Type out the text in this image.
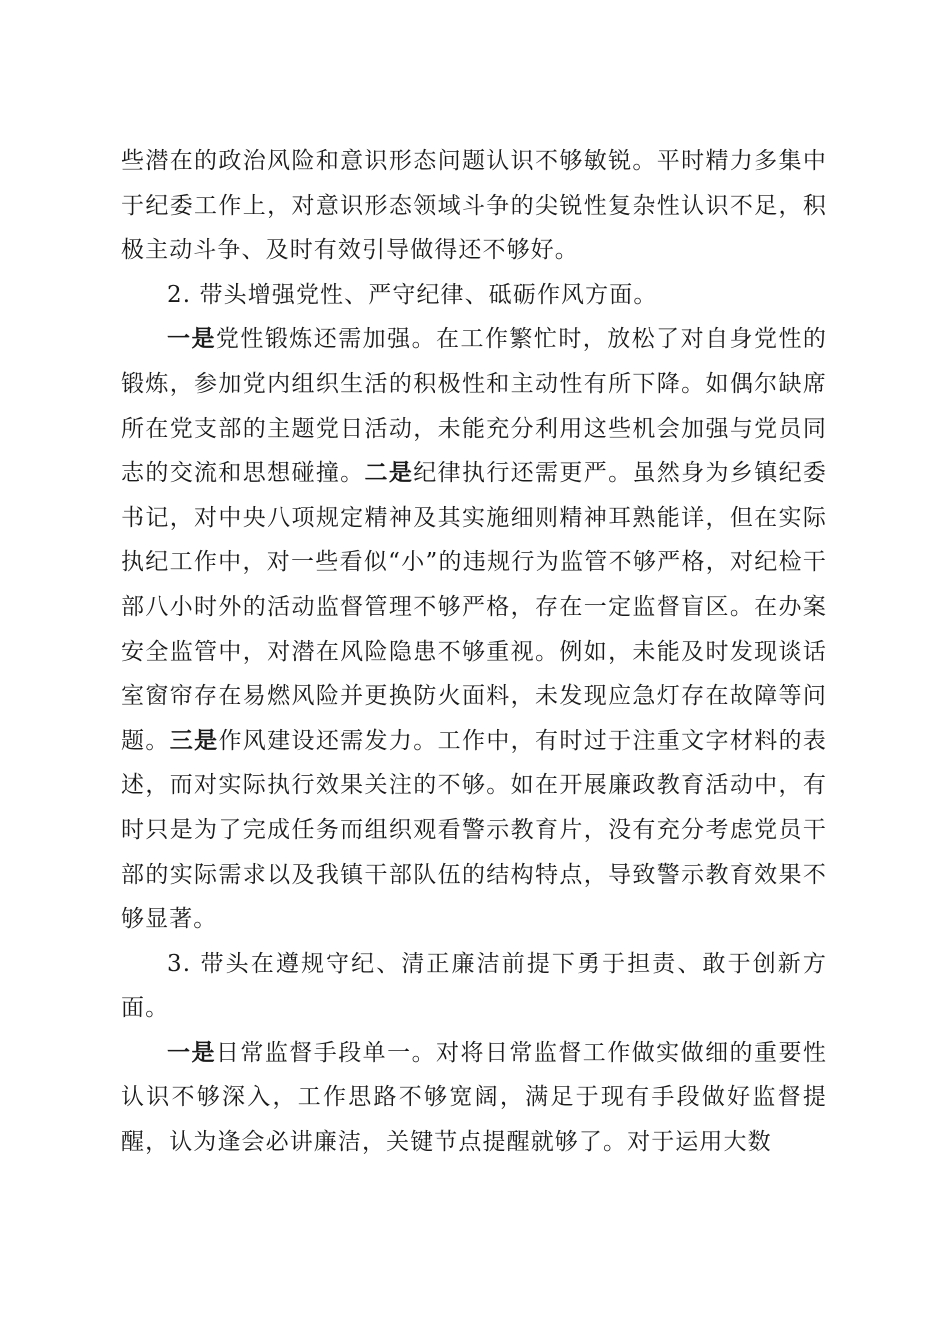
些潜在的政治风险和意识形态问题认识不够敏锐。平时精力多集中于纪委工作上，对意识形态领域斗争的尖锐性复杂性认识不足，积极主动斗争、及时有效引导做得还不够好。

2. 带头增强党性、严守纪律、砥砺作风方面。

一是党性锻炼还需加强。在工作繁忙时，放松了对自身党性的锻炼，参加党内组织生活的积极性和主动性有所下降。如偶尔缺席所在党支部的主题党日活动，未能充分利用这些机会加强与党员同志的交流和思想碰撞。二是纪律执行还需更严。虽然身为乡镇纪委书记，对中央八项规定精神及其实施细则精神耳熟能详，但在实际执纪工作中，对一些看似“小”的违规行为监管不够严格，对纪检干部八小时外的活动监督管理不够严格，存在一定监督盲区。在办案安全监管中，对潜在风险隐患不够重视。例如，未能及时发现谈话室窗帘存在易燃风险并更换防火面料，未发现应急灯存在故障等问题。三是作风建设还需发力。工作中，有时过于注重文字材料的表述，而对实际执行效果关注的不够。如在开展廉政教育活动中，有时只是为了完成任务而组织观看警示教育片，没有充分考虑党员干部的实际需求以及我镇干部队伍的结构特点，导致警示教育效果不够显著。

3. 带头在遵规守纪、清正廉洁前提下勇于担责、敢于创新方面。

一是日常监督手段单一。对将日常监督工作做实做细的重要性认识不够深入，工作思路不够宽阔，满足于现有手段做好监督提醒，认为逢会必讲廉洁，关键节点提醒就够了。对于运用大数
